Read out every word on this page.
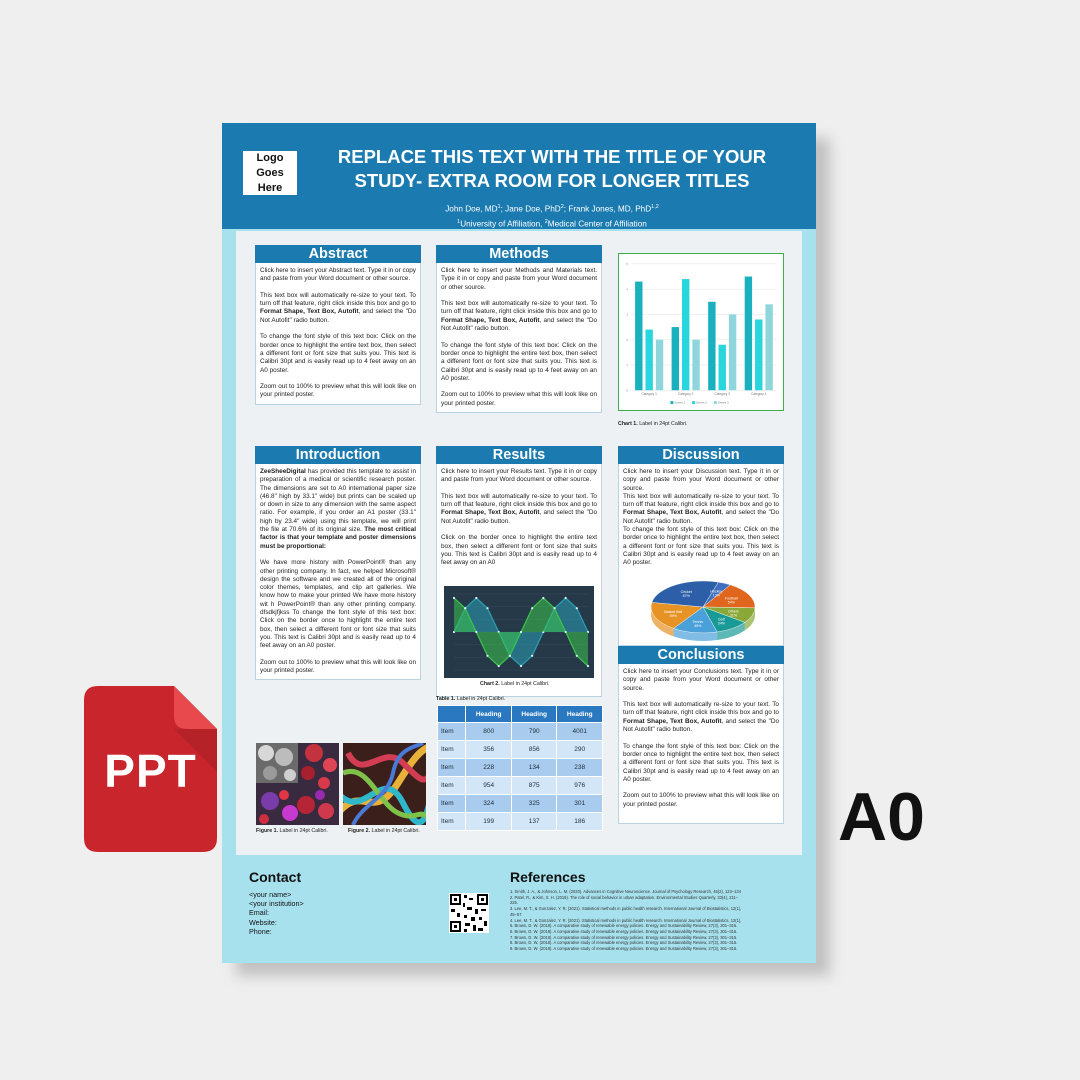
PPT
A0
Logo
Goes
Here
REPLACE THIS TEXT WITH THE TITLE OF YOUR STUDY- EXTRA ROOM FOR LONGER TITLES
John Doe, $MD^1$; Jane Doe, PhD$^2$; Frank Jones, MD, PhD$^{1,2}$
$^1$University of Affiliation, $^2$Medical Center of Affiliation
Abstract

Click here to insert your Abstract text. Type it in or copy and paste from your Word document or other source.

This text box will automatically re-size to your text. To turn off that feature, right click inside this box and go to Format Shape, Text Box, Autofit, and select the "Do Not Autofit" radio button.

To change the font style of this text box: Click on the border once to highlight the entire text box, then select a different font or font size that suits you. This text is Calibri 30pt and is easily read up to 4 feet away on an A0 poster.

Zoom out to 100% to preview what this will look like on your printed poster.

Methods

Click here to insert your Methods and Materials text. Type it in or copy and paste from your Word document or other source.

This text box will automatically re-size to your text. To turn off that feature, right click inside this box and go to Format Shape, Text Box, Autofit, and select the "Do Not Autofit" radio button.

To change the font style of this text box: Click on the border once to highlight the entire text box, then select a different font or font size that suits you. This text is Calibri 30pt and is easily read up to 4 feet away on an A0 poster.

Zoom out to 100% to preview what this will look like on your printed poster.

0
1
2
3
4
5
Category 1	Category 2	Category 3	Category 4
Series 1	Series 2	Series 3
Chart 1. Label in 24pt Calibri.
Introduction

ZeeSheeDigital has provided this template to assist in preparation of a medical or scientific research poster. The dimensions are set to A0 international paper size (46.8" high by 33.1" wide) but prints can be scaled up or down in size to any dimension with the same aspect ratio. For example, if you order an A1 poster (33.1" high by 23.4" wide) using this template, we will print the file at 70.6% of its original size. The most critical factor is that your template and poster dimensions must be proportional:

We have more history with PowerPoint® than any other printing company. In fact, we helped Microsoft® design the software and we created all of the original color themes, templates, and clip art galleries. We know how to make your printed We have more history wit h PowerPoint® than any other printing company. dfsdkjfjkss To change the font style of this text box: Click on the border once to highlight the entire text box, then select a different font or font size that suits you. This text is Calibri 30pt and is easily read up to 4 feet away on an A0 poster.

Zoom out to 100% to preview what this will look like on your printed poster.

Results

Click here to insert your Results text. Type it in or copy and paste from your Word document or other source.

This text box will automatically re-size to your text. To turn off that feature, right click inside this box and go to Format Shape, Text Box, Autofit, and select the "Do Not Autofit" radio button.

Click on the border once to highlight the entire text box, then select a different font or font size that suits you. This text is Calibri 30pt and is easily read up to 4 feet away on an A0

Chart 2. Label in 24pt Calibri.
Table 1. Label in 24pt Calibri.
	Heading	Heading	Heading
Item	800	790	4001
Item	356	856	290
Item	228	134	238
Item	954	875	976
Item	324	325	301
Item	199	137	186
Discussion

Click here to insert your Discussion text. Type it in or copy and paste from your Word document or other source.

This text box will automatically re-size to your text. To turn off that feature, right click inside this box and go to Format Shape, Text Box, Autofit, and select the "Do Not Autofit" radio button.

To change the font style of this text box: Click on the border once to highlight the entire text box, then select a different font or font size that suits you. This text is Calibri 30pt and is easily read up to 4 feet away on an A0 poster.

Hockey
13%
Football
54%
Others
31%
Golf
34%
Tennis
45%
Basket Ball
59%
Cricket
87%
Conclusions

Click here to insert your Conclusions text. Type it in or copy and paste from your Word document or other source.

This text box will automatically re-size to your text. To turn off that feature, right click inside this box and go to Format Shape, Text Box, Autofit, and select the "Do Not Autofit" radio button.

To change the font style of this text box: Click on the border once to highlight the entire text box, then select a different font or font size that suits you. This text is Calibri 30pt and is easily read up to 4 feet away on an A0 poster.

Zoom out to 100% to preview what this will look like on your printed poster.

Figure 1. Label in 24pt Calibri.	Figure 2. Label in 24pt Calibri.
Contact
<your name>
<your institution>
Email:
Website:
Phone:
References
1. Smith, J. A., & Johnson, L. M. (2020). Advances in Cognitive Neuroscience. Journal of Psychology Research, 45(2), 123–134
2. Patel, R., & Kim, S. H. (2019). The role of social behavior in urban adaptation. Environmental Studies Quarterly, 33(4), 211–
225.
3. Lee, M. T., & Gonzalez, Y. R. (2021). Statistical methods in public health research. International Journal of Biostatistics, 12(1),
45–57.
4. Lee, M. T., & Gonzalez, Y. R. (2021). Statistical methods in public health research. International Journal of Biostatistics, 12(1),
5. Brown, D. W. (2018). A comparative study of renewable energy policies. Energy and Sustainability Review, 27(3), 301–315.
6. Brown, D. W. (2018). A comparative study of renewable energy policies. Energy and Sustainability Review, 27(3), 301–315.
7. Brown, D. W. (2018). A comparative study of renewable energy policies. Energy and Sustainability Review, 27(3), 301–315.
8. Brown, D. W. (2018). A comparative study of renewable energy policies. Energy and Sustainability Review, 27(3), 301–315.
9. Brown, D. W. (2018). A comparative study of renewable energy policies. Energy and Sustainability Review, 27(3), 301–315.
